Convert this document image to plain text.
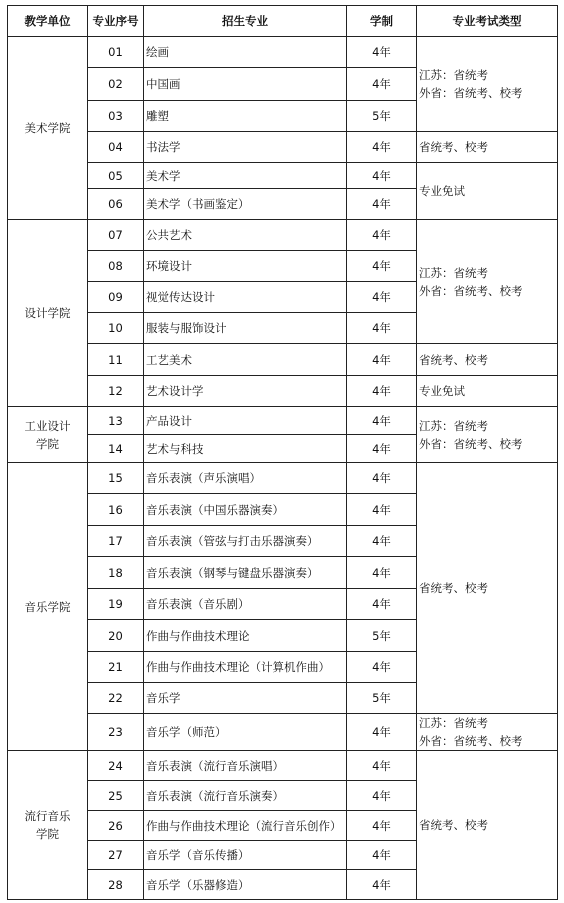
教学单位	专业序号	招生专业	学制	专业考试类型
美术学院	01	绘画	4年	江苏：省统考
外省：省统考、校考

	02	中国画	4年	
	03	雕塑	5年	
	04	书法学	4年	省统考、校考

	05	美术学	4年	专业免试

	06	美术学（书画鉴定）	4年	
设计学院	07	公共艺术	4年	江苏：省统考
外省：省统考、校考

	08	环境设计	4年	
	09	视觉传达设计	4年	
	10	服装与服饰设计	4年	
	11	工艺美术	4年	省统考、校考

	12	艺术设计学	4年	专业免试

工业设计学院	13	产品设计	4年	江苏：省统考
外省：省统考、校考

	14	艺术与科技	4年	
音乐学院	15	音乐表演（声乐演唱）	4年	省统考、校考

	16	音乐表演（中国乐器演奏）	4年	
	17	音乐表演（管弦与打击乐器演奏）	4年	
	18	音乐表演（钢琴与键盘乐器演奏）	4年	
	19	音乐表演（音乐剧）	4年	
	20	作曲与作曲技术理论	5年	
	21	作曲与作曲技术理论（计算机作曲）	4年	
	22	音乐学	5年	
	23	音乐学（师范）	4年	江苏：省统考
外省：省统考、校考

流行音乐学院	24	音乐表演（流行音乐演唱）	4年	省统考、校考

	25	音乐表演（流行音乐演奏）	4年	
	26	作曲与作曲技术理论（流行音乐创作）	4年	
	27	音乐学（音乐传播）	4年	
	28	音乐学（乐器修造）	4年	
